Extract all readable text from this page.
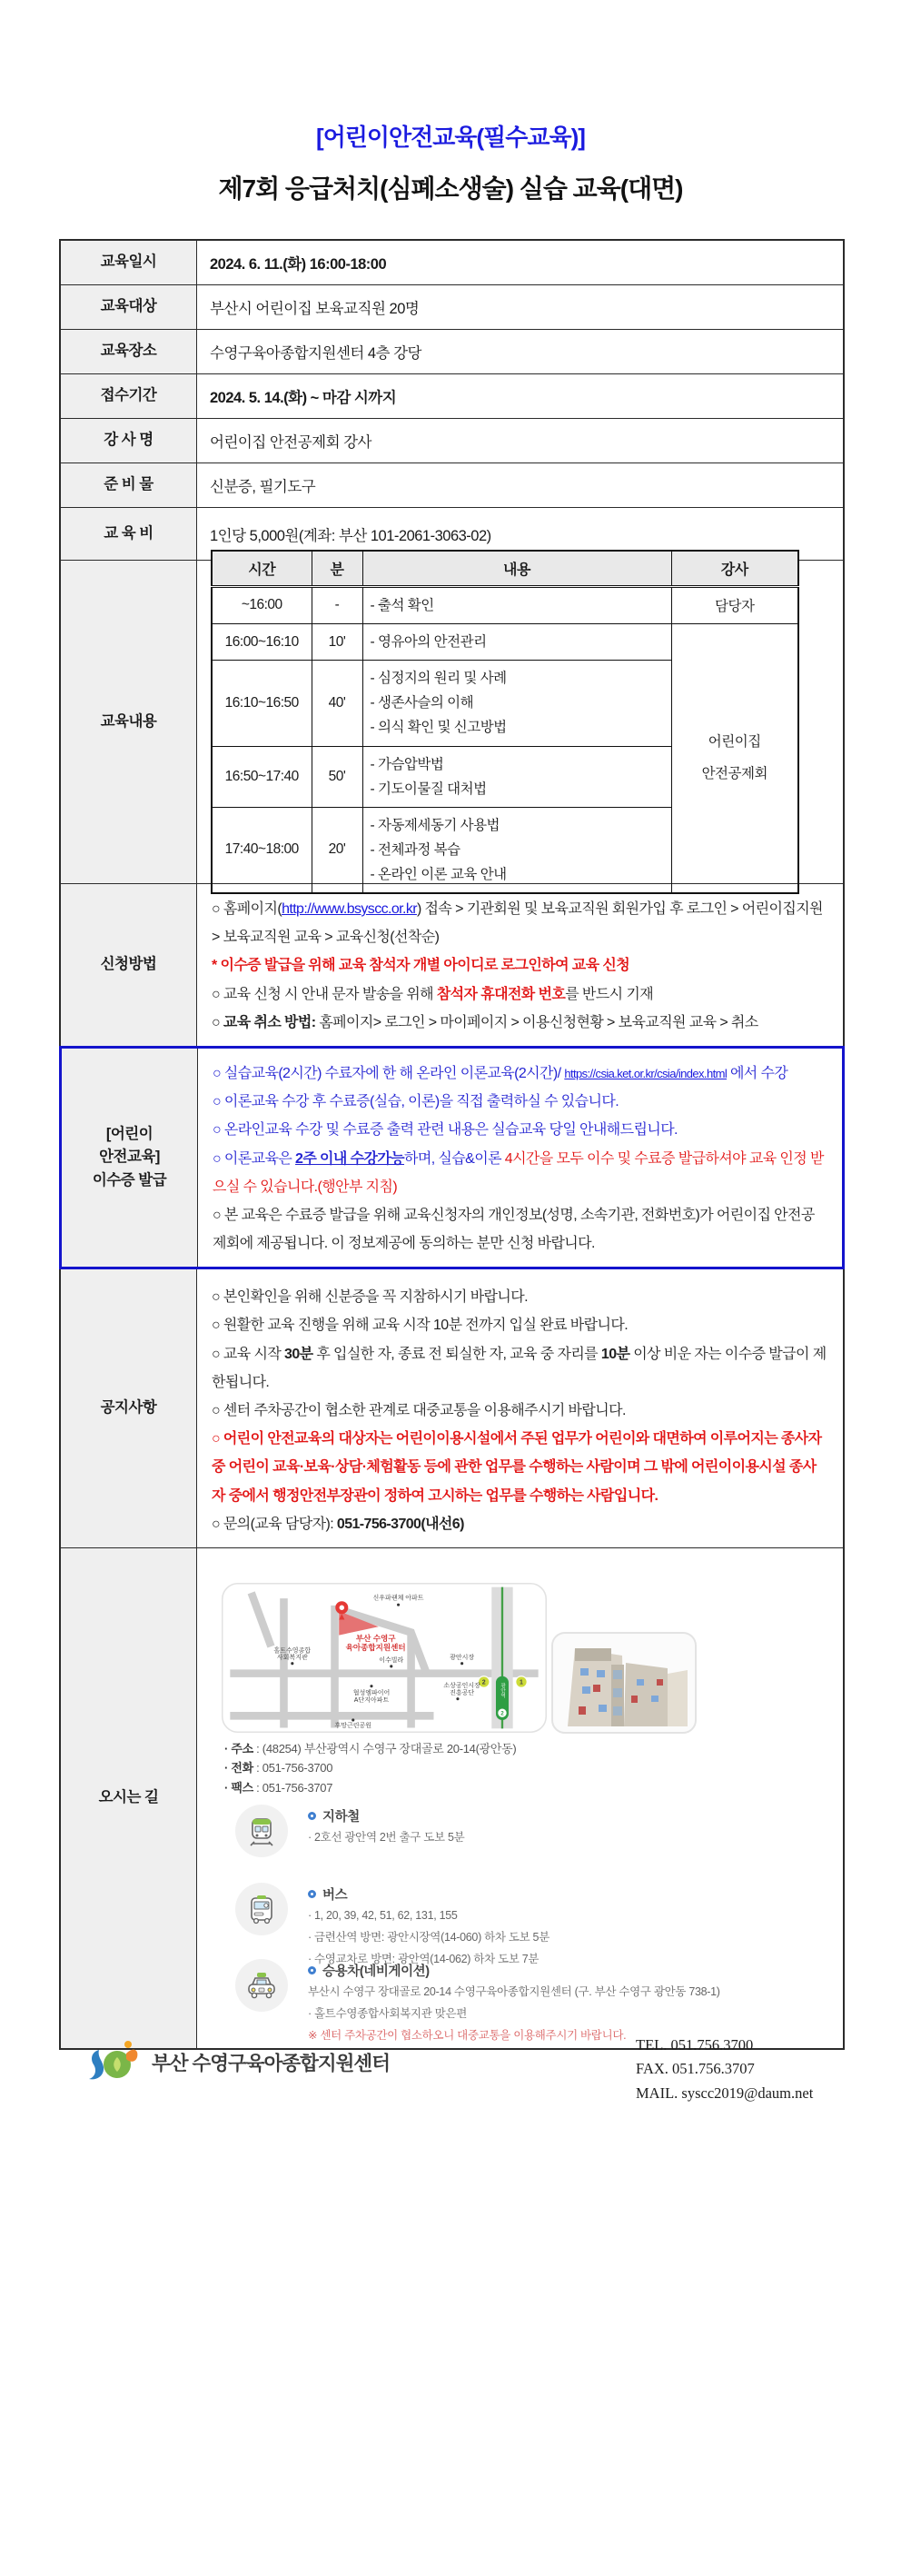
[어린이안전교육(필수교육)]
제7회 응급처치(심폐소생술) 실습 교육(대면)
교육일시	2024. 6. 11.(화) 16:00-18:00
교육대상	부산시 어린이집 보육교직원 20명
교육장소	수영구육아종합지원센터 4층 강당
접수기간	2024. 5. 14.(화) ~ 마감 시까지
강 사 명	어린이집 안전공제회 강사
준 비 물	신분증, 필기도구
교 육 비	1인당 5,000원(계좌: 부산 101-2061-3063-02)
교육내용
시간	분	내용	강사
~16:00	-	- 출석 확인	담당자
16:00~16:10	10'	- 영유아의 안전관리	어린이집
안전공제회

16:10~16:50	40'	- 심정지의 원리 및 사례
- 생존사슬의 이해
- 의식 확인 및 신고방법	

16:50~17:40	50'	- 가슴압박법
- 기도이물질 대처법	

17:40~18:00	20'	- 자동제세동기 사용법
- 전체과정 복습
- 온라인 이론 교육 안내	
신청방법
○ 홈페이지(http://www.bsyscc.or.kr) 접속 > 기관회원 및 보육교직원 회원가입 후 로그인 > 어린이집지원 > 보육교직원 교육 > 교육신청(선착순)
* 이수증 발급을 위해 교육 참석자 개별 아이디로 로그인하여 교육 신청
○ 교육 신청 시 안내 문자 발송을 위해 참석자 휴대전화 번호를 반드시 기재
○ 교육 취소 방법: 홈페이지> 로그인 > 마이페이지 > 이용신청현황 > 보육교직원 교육 > 취소
[어린이
안전교육]
이수증 발급
○ 실습교육(2시간) 수료자에 한 해 온라인 이론교육(2시간)/ https://csia.ket.or.kr/csia/index.html 에서 수강
○ 이론교육 수강 후 수료증(실습, 이론)을 직접 출력하실 수 있습니다.
○ 온라인교육 수강 및 수료증 출력 관련 내용은 실습교육 당일 안내해드립니다.
○ 이론교육은 2주 이내 수강가능하며, 실습&이론 4시간을 모두 이수 및 수료증 발급하셔야 교육 인정 받으실 수 있습니다.(행안부 지침)
○ 본 교육은 수료증 발급을 위해 교육신청자의 개인정보(성명, 소속기관, 전화번호)가 어린이집 안전공제회에 제공됩니다. 이 정보제공에 동의하는 분만 신청 바랍니다.
공지사항
○ 본인확인을 위해 신분증을 꼭 지참하시기 바랍니다.
○ 원활한 교육 진행을 위해 교육 시작 10분 전까지 입실 완료 바랍니다.
○ 교육 시작 30분 후 입실한 자, 종료 전 퇴실한 자, 교육 중 자리를 10분 이상 비운 자는 이수증 발급이 제한됩니다.
○ 센터 주차공간이 협소한 관계로 대중교통을 이용해주시기 바랍니다.
○ 어린이 안전교육의 대상자는 어린이이용시설에서 주된 업무가 어린이와 대면하여 이루어지는 종사자 중 어린이 교육·보육·상담·체험활동 등에 관한 업무를 수행하는 사람이며 그 밖에 어린이이용시설 종사자 중에서 행정안전부장관이 정하여 고시하는 업무를 수행하는 사람입니다.
○ 문의(교육 담당자): 051-756-3700(내선6)
오시는 길
광안역
2
2	1
부산 수영구
육아종합지원센터
신우파랜체 아파트
홀트수영종합
사회복지관	이수빌라	광안시장
소상공인시장
진흥공단
협성엠파이어
A단지아파트
후망근린공원
· 주소 : (48254) 부산광역시 수영구 장대골로 20-14(광안동)
· 전화 : 051-756-3700
· 팩스 : 051-756-3707
지하철
· 2호선 광안역 2번 출구 도보 5분
버스
· 1, 20, 39, 42, 51, 62, 131, 155
· 금련산역 방면: 광안시장역(14-060) 하차 도보 5분
· 수영교차로 방면: 광안역(14-062) 하차 도보 7분
승용차(네비게이션)
부산시 수영구 장대골로 20-14 수영구육아종합지원센터 (구. 부산 수영구 광안동 738-1)
· 홀트수영종합사회복지관 맞은편
※ 센터 주차공간이 협소하오니 대중교통을 이용해주시기 바랍니다.
부산 수영구육아종합지원센터
TEL. 051.756.3700
FAX. 051.756.3707
MAIL. syscc2019@daum.net
